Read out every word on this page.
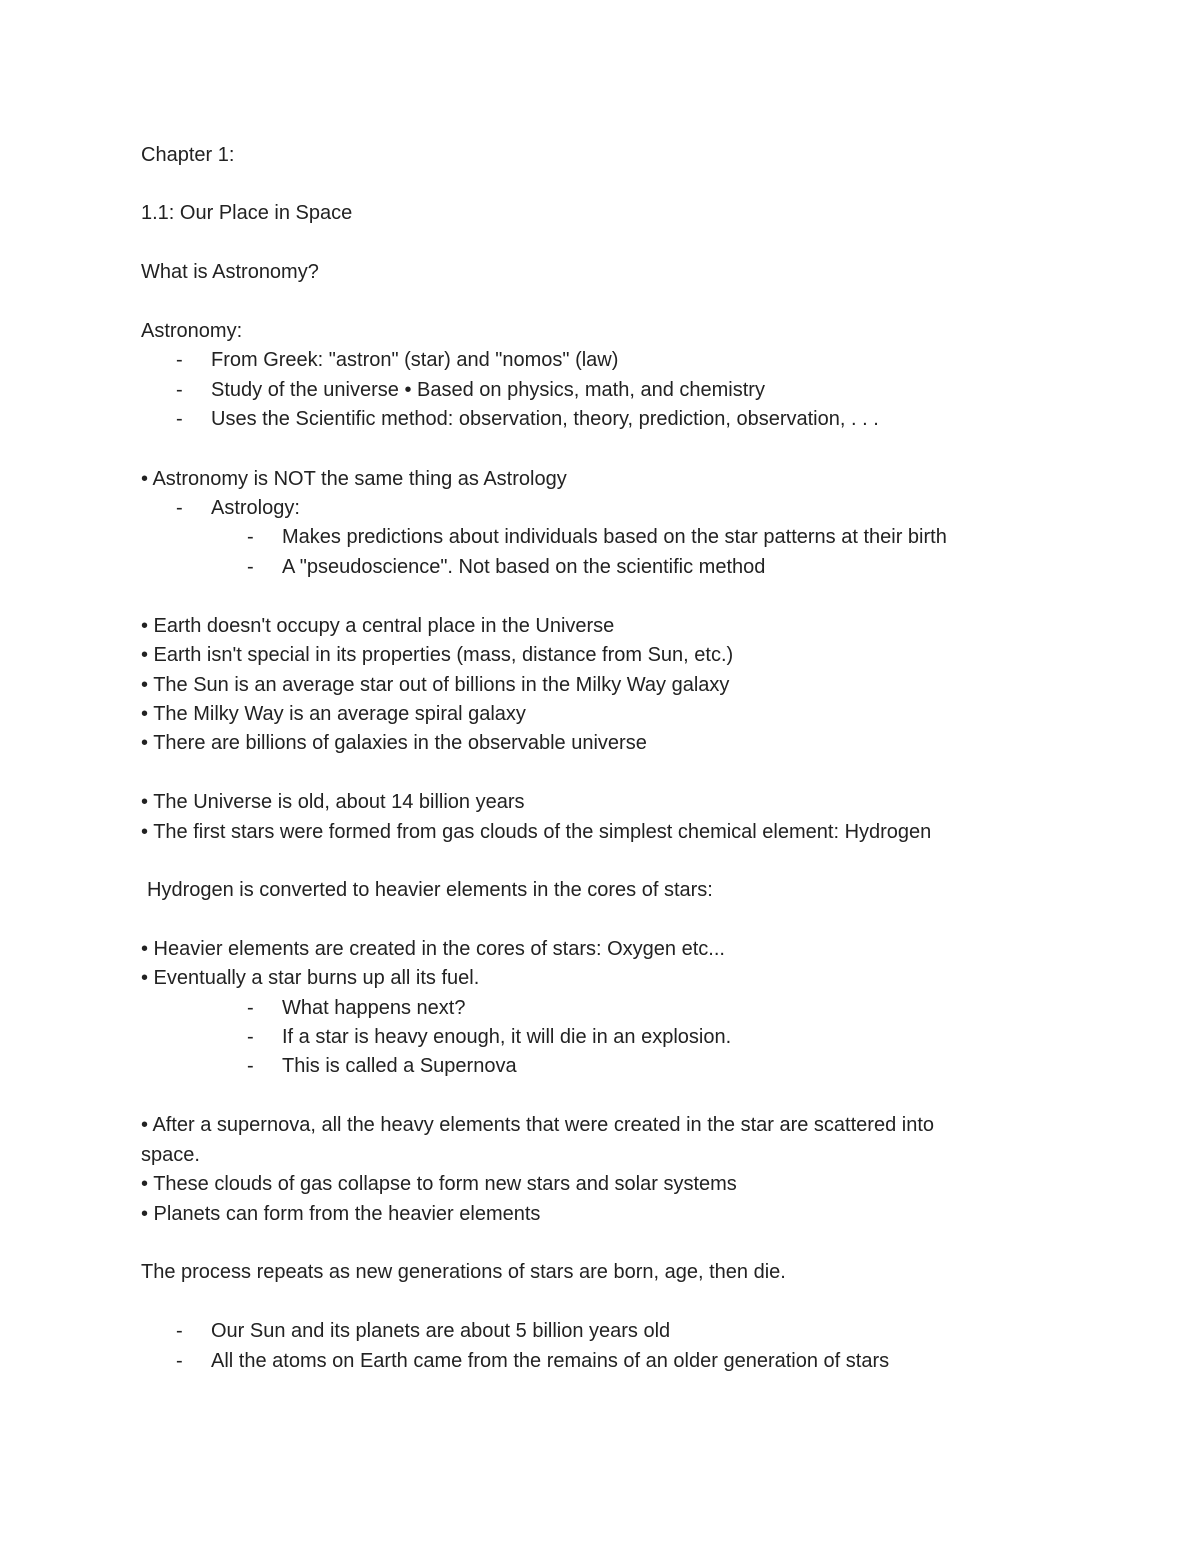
Chapter 1:

1.1: Our Place in Space

What is Astronomy?

Astronomy:

- From Greek: "astron" (star) and "nomos" (law)

- Study of the universe • Based on physics, math, and chemistry

- Uses the Scientific method: observation, theory, prediction, observation, . . .

• Astronomy is NOT the same thing as Astrology

- Astrology:

- Makes predictions about individuals based on the star patterns at their birth

- A "pseudoscience". Not based on the scientific method

• Earth doesn't occupy a central place in the Universe

• Earth isn't special in its properties (mass, distance from Sun, etc.)

• The Sun is an average star out of billions in the Milky Way galaxy

• The Milky Way is an average spiral galaxy

• There are billions of galaxies in the observable universe

• The Universe is old, about 14 billion years

• The first stars were formed from gas clouds of the simplest chemical element: Hydrogen

Hydrogen is converted to heavier elements in the cores of stars:

• Heavier elements are created in the cores of stars: Oxygen etc...

• Eventually a star burns up all its fuel.

- What happens next?

- If a star is heavy enough, it will die in an explosion.

- This is called a Supernova

• After a supernova, all the heavy elements that were created in the star are scattered into

space.

• These clouds of gas collapse to form new stars and solar systems

• Planets can form from the heavier elements

The process repeats as new generations of stars are born, age, then die.

- Our Sun and its planets are about 5 billion years old

- All the atoms on Earth came from the remains of an older generation of stars
